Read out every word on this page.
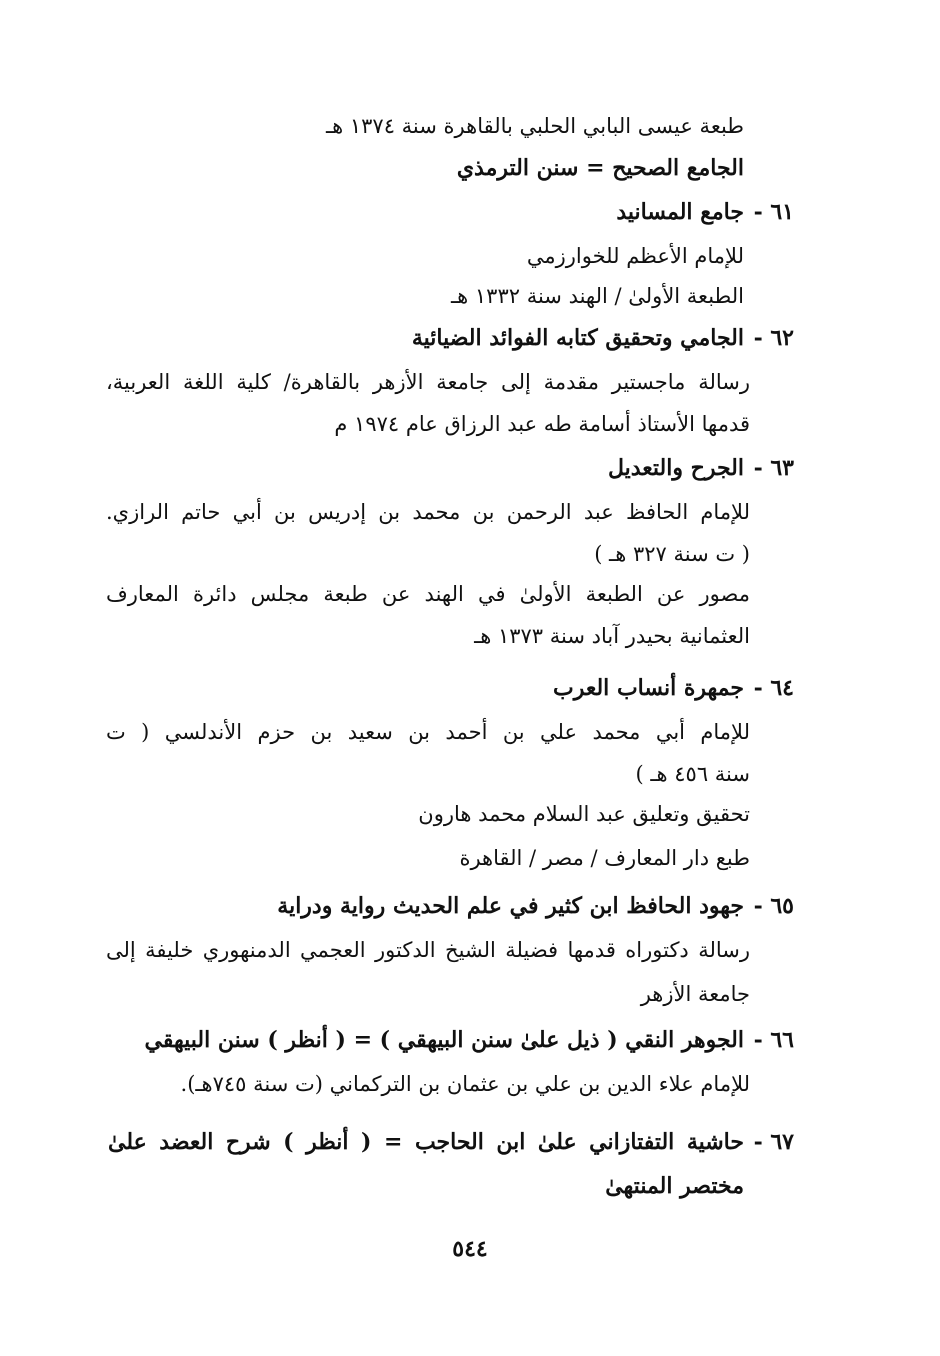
طبعة عيسى البابي الحلبي بالقاهرة سنة ١٣٧٤ هـ
الجامع الصحيح = سنن الترمذي
٦١ -
جامع المسانيد
للإمام الأعظم للخوارزمي
الطبعة الأولىٰ / الهند سنة ١٣٣٢ هـ
٦٢ -
الجامي وتحقيق كتابه الفوائد الضيائية
رسالة ماجستير مقدمة إلى جامعة الأزهر بالقاهرة/ كلية اللغة العربية،
قدمها الأستاذ أسامة طه عبد الرزاق عام ١٩٧٤ م
٦٣ -
الجرح والتعديل
للإمام الحافظ عبد الرحمن بن محمد بن إدريس بن أبي حاتم الرازي.
( ت سنة ٣٢٧ هـ )
مصور عن الطبعة الأولىٰ في الهند عن طبعة مجلس دائرة المعارف
العثمانية بحيدر آباد سنة ١٣٧٣ هـ
٦٤ -
جمهرة أنساب العرب
للإمام أبي محمد علي بن أحمد بن سعيد بن حزم الأندلسي ( ت
سنة ٤٥٦ هـ )
تحقيق وتعليق عبد السلام محمد هارون
طبع دار المعارف / مصر / القاهرة
٦٥ -
جهود الحافظ ابن كثير في علم الحديث رواية ودراية
رسالة دكتوراه قدمها فضيلة الشيخ الدكتور العجمي الدمنهوري خليفة إلى
جامعة الأزهر
٦٦ -
الجوهر النقي ( ذيل علىٰ سنن البيهقي ) = ( أنظر ) سنن البيهقي
للإمام علاء الدين بن علي بن عثمان بن التركماني (ت سنة ٧٤٥هـ).
٦٧ -
حاشية التفتازاني علىٰ ابن الحاجب = ( أنظر ) شرح العضد علىٰ
مختصر المنتهىٰ
٥٤٤
